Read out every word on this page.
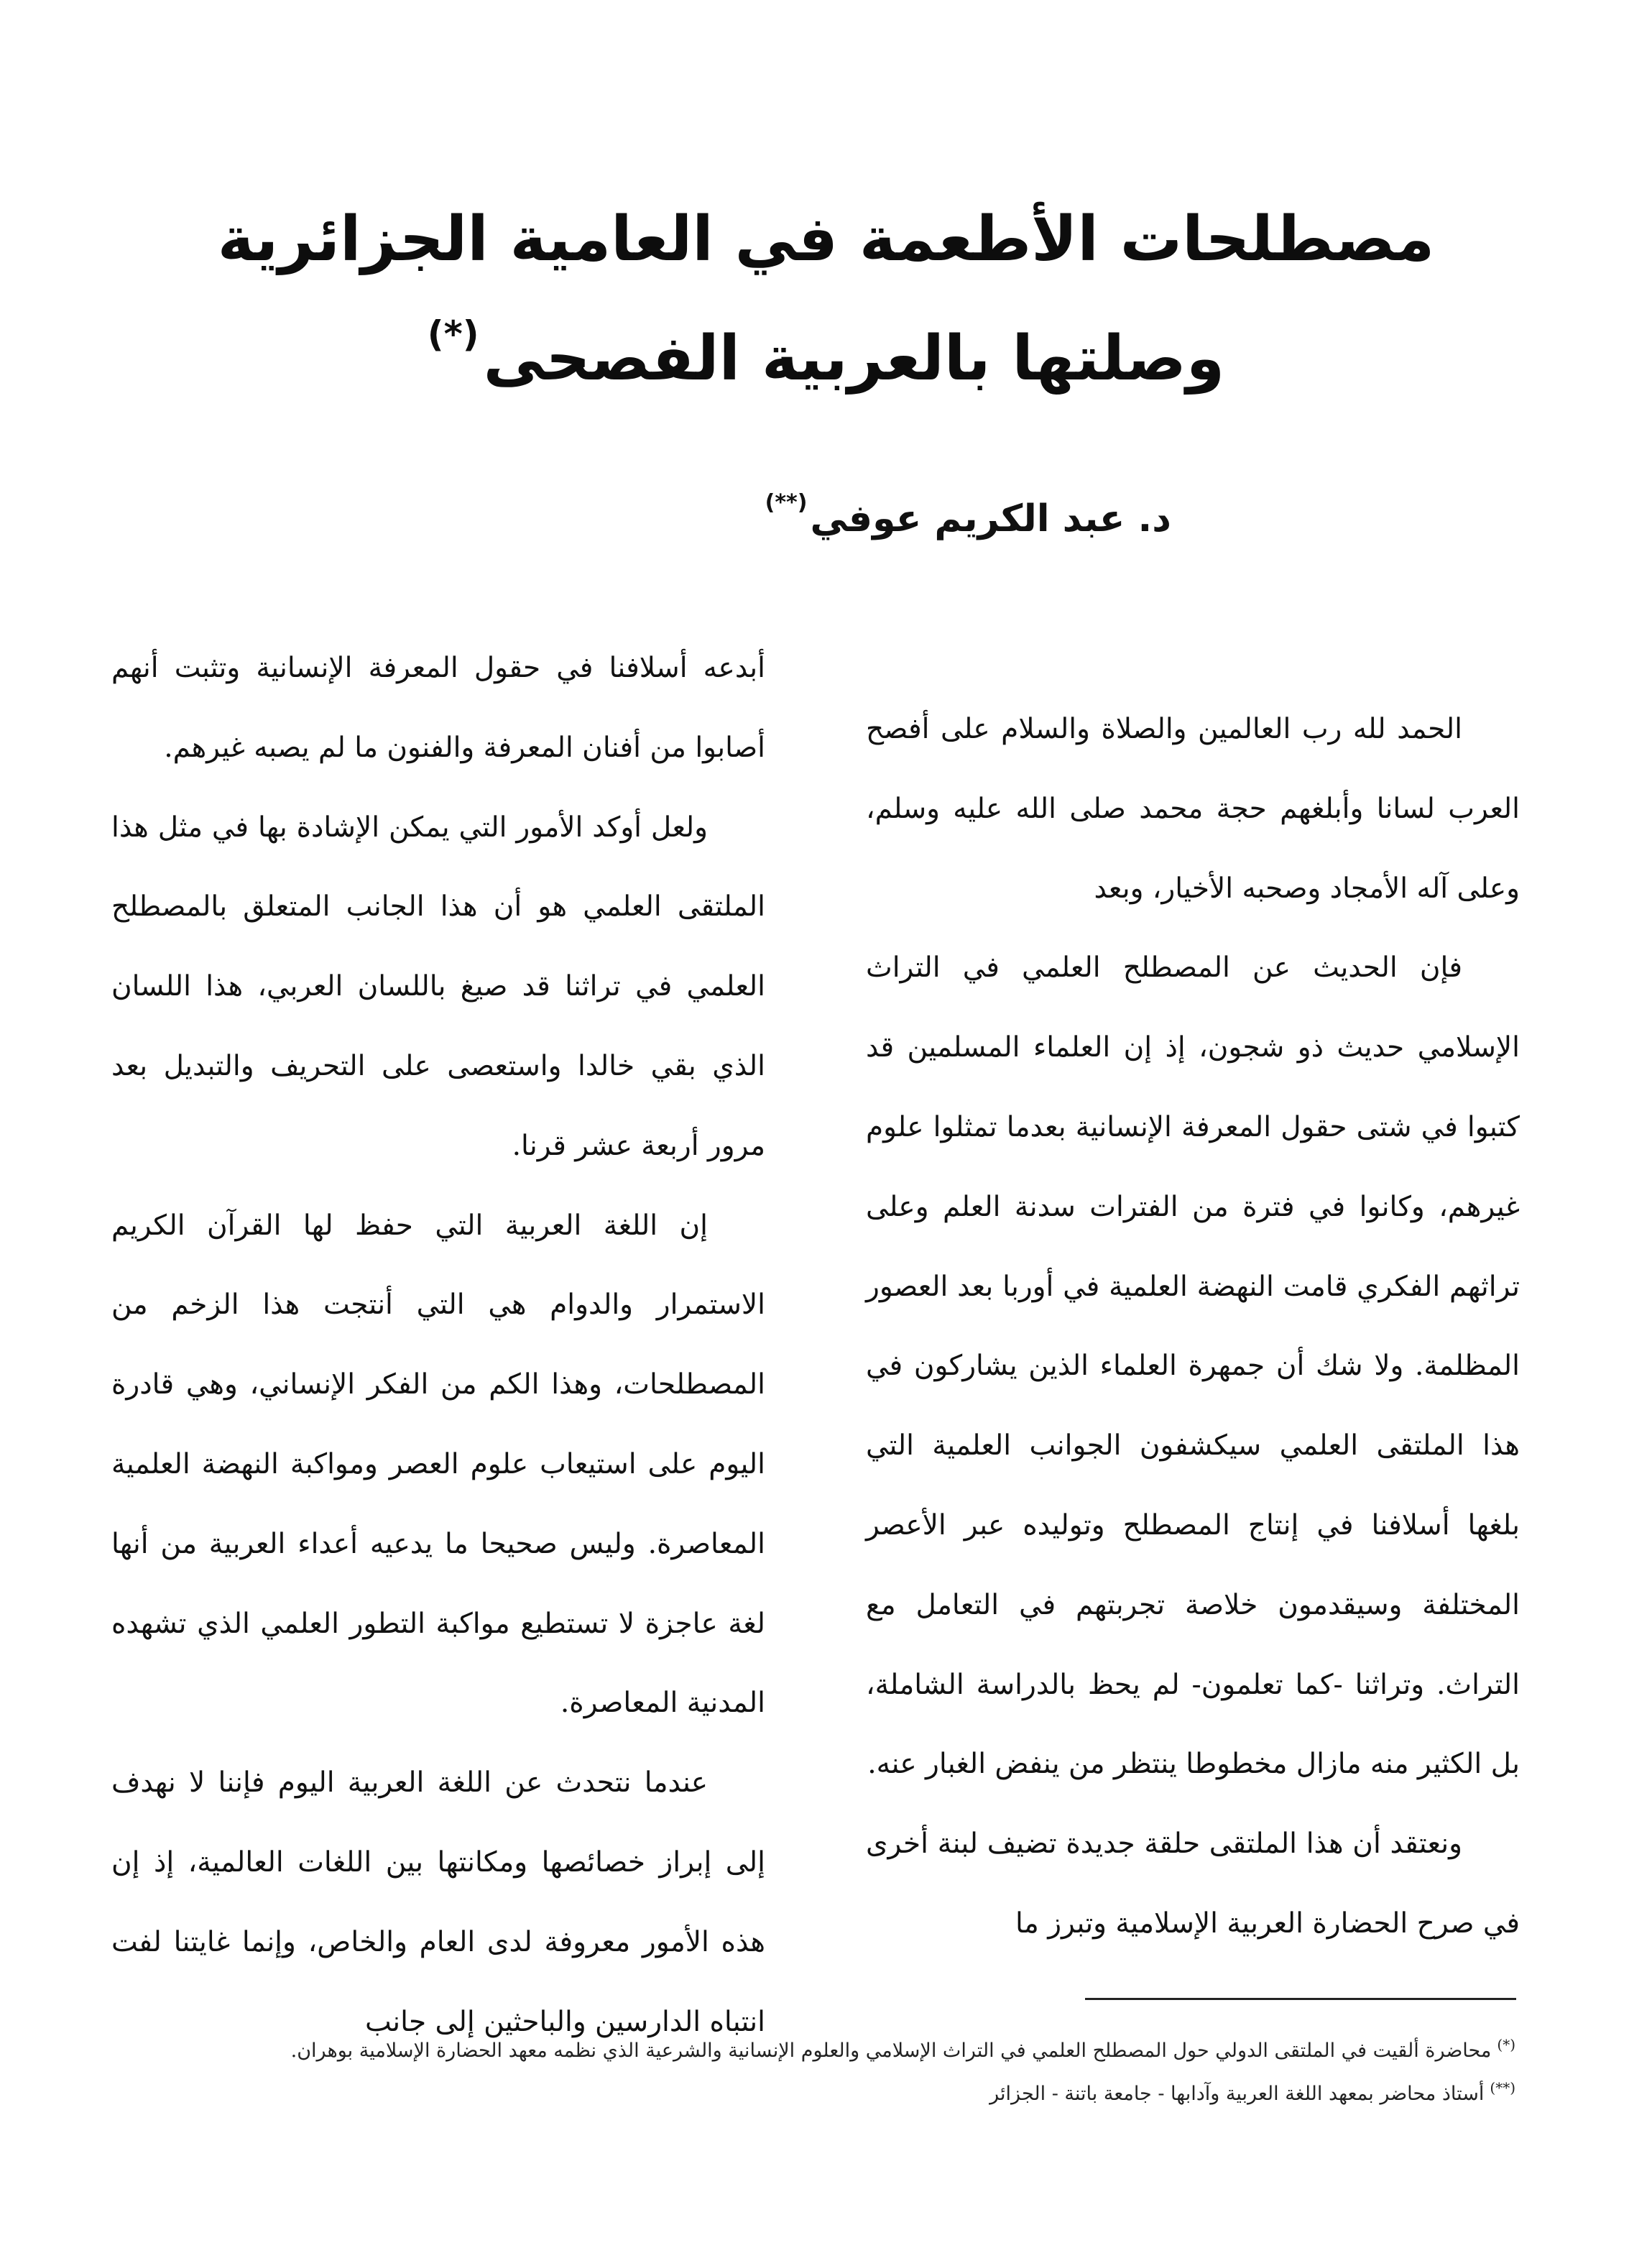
مصطلحات الأطعمة في العامية الجزائرية
وصلتها بالعربية الفصحى(*)
د. عبد الكريم عوفي(**)

الحمد لله رب العالمين والصلاة والسلام على أفصح العرب لسانا وأبلغهم حجة محمد صلى الله عليه وسلم، وعلى آله الأمجاد وصحبه الأخيار، وبعد

فإن الحديث عن المصطلح العلمي في التراث الإسلامي حديث ذو شجون، إذ إن العلماء المسلمين قد كتبوا في شتى حقول المعرفة الإنسانية بعدما تمثلوا علوم غيرهم، وكانوا في فترة من الفترات سدنة العلم وعلى تراثهم الفكري قامت النهضة العلمية في أوربا بعد العصور المظلمة. ولا شك أن جمهرة العلماء الذين يشاركون في هذا الملتقى العلمي سيكشفون الجوانب العلمية التي بلغها أسلافنا في إنتاج المصطلح وتوليده عبر الأعصر المختلفة وسيقدمون خلاصة تجربتهم في التعامل مع التراث. وتراثنا -كما تعلمون- لم يحظ بالدراسة الشاملة، بل الكثير منه مازال مخطوطا ينتظر من ينفض الغبار عنه.

ونعتقد أن هذا الملتقى حلقة جديدة تضيف لبنة أخرى في صرح الحضارة العربية الإسلامية وتبرز ما

أبدعه أسلافنا في حقول المعرفة الإنسانية وتثبت أنهم أصابوا من أفنان المعرفة والفنون ما لم يصبه غيرهم.

ولعل أوكد الأمور التي يمكن الإشادة بها في مثل هذا الملتقى العلمي هو أن هذا الجانب المتعلق بالمصطلح العلمي في تراثنا قد صيغ باللسان العربي، هذا اللسان الذي بقي خالدا واستعصى على التحريف والتبديل بعد مرور أربعة عشر قرنا.

إن اللغة العربية التي حفظ لها القرآن الكريم الاستمرار والدوام هي التي أنتجت هذا الزخم من المصطلحات، وهذا الكم من الفكر الإنساني، وهي قادرة اليوم على استيعاب علوم العصر ومواكبة النهضة العلمية المعاصرة. وليس صحيحا ما يدعيه أعداء العربية من أنها لغة عاجزة لا تستطيع مواكبة التطور العلمي الذي تشهده المدنية المعاصرة.

عندما نتحدث عن اللغة العربية اليوم فإننا لا نهدف إلى إبراز خصائصها ومكانتها بين اللغات العالمية، إذ إن هذه الأمور معروفة لدى العام والخاص، وإنما غايتنا لفت انتباه الدارسين والباحثين إلى جانب

(*)محاضرة ألقيت في الملتقى الدولي حول المصطلح العلمي في التراث الإسلامي والعلوم الإنسانية والشرعية الذي نظمه معهد الحضارة الإسلامية بوهران.
(**)أستاذ محاضر بمعهد اللغة العربية وآدابها - جامعة باتنة - الجزائر
